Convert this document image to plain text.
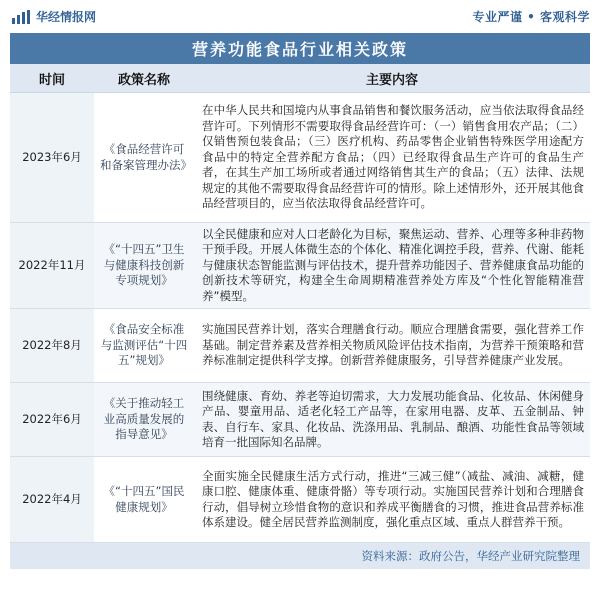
华经情报网	专业严谨 • 客观科学
营养功能食品行业相关政策
时间	政策名称	主要内容
2023年6月	《食品经营许可和备案管理办法》	在中华人民共和国境内从事食品销售和餐饮服务活动，应当依法取得食品经营许可。下列情形不需要取得食品经营许可：（一）销售食用农产品；（二）仅销售预包装食品；（三）医疗机构、药品零售企业销售特殊医学用途配方食品中的特定全营养配方食品；（四）已经取得食品生产许可的食品生产者，在其生产加工场所或者通过网络销售其生产的食品；（五）法律、法规规定的其他不需要取得食品经营许可的情形。除上述情形外，还开展其他食品经营项目的，应当依法取得食品经营许可。
2022年11月	《“十四五”卫生与健康科技创新专项规划》	以全民健康和应对人口老龄化为目标，聚焦运动、营养、心理等多种非药物干预手段。开展人体微生态的个体化、精准化调控手段，营养、代谢、能耗与健康状态智能监测与评估技术，提升营养功能因子、营养健康食品功能的创新技术等研究，构建全生命周期精准营养处方库及“个性化智能精准营养”模型。
2022年8月	《食品安全标准与监测评估“十四五”规划》	实施国民营养计划，落实合理膳食行动。顺应合理膳食需要，强化营养工作基础。制定营养素及营养相关物质风险评估技术指南，为营养干预策略和营养标准制定提供科学支撑。创新营养健康服务，引导营养健康产业发展。
2022年6月	《关于推动轻工业高质量发展的指导意见》	围绕健康、育幼、养老等迫切需求，大力发展功能食品、化妆品、休闲健身产品、婴童用品、适老化轻工产品等，在家用电器、皮革、五金制品、钟表、自行车、家具、化妆品、洗涤用品、乳制品、酿酒、功能性食品等领域培育一批国际知名品牌。
2022年4月	《“十四五”国民健康规划》	全面实施全民健康生活方式行动，推进“三减三健”（减盐、减油、减糖，健康口腔、健康体重、健康骨骼）等专项行动。实施国民营养计划和合理膳食行动，倡导树立珍惜食物的意识和养成平衡膳食的习惯，推进食品营养标准体系建设。健全居民营养监测制度，强化重点区域、重点人群营养干预。
资料来源：政府公告，华经产业研究院整理
